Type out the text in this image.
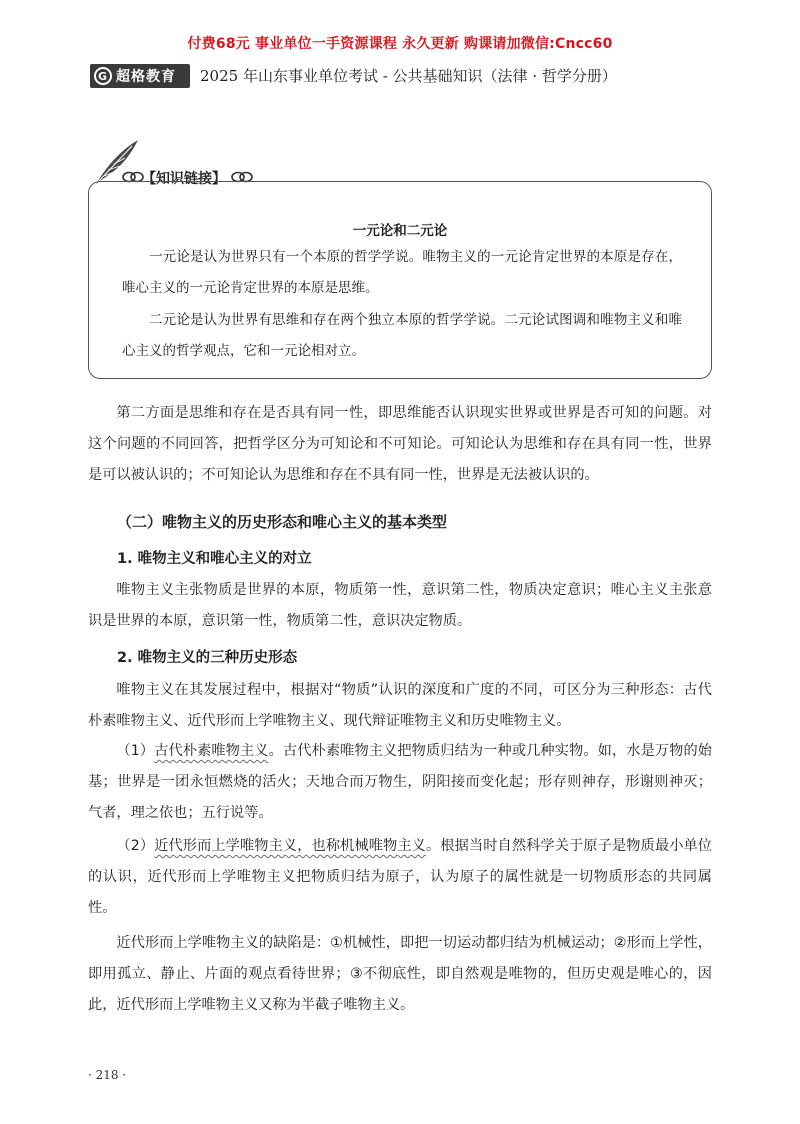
付费68元 事业单位一手资源课程 永久更新 购课请加微信:Cncc60
G 超格教育 2025 年山东事业单位考试 - 公共基础知识（法律 · 哲学分册）
【知识链接】
一元论和二元论

一元论是认为世界只有一个本原的哲学学说。唯物主义的一元论肯定世界的本原是存在，唯心主义的一元论肯定世界的本原是思维。

二元论是认为世界有思维和存在两个独立本原的哲学学说。二元论试图调和唯物主义和唯心主义的哲学观点，它和一元论相对立。

第二方面是思维和存在是否具有同一性，即思维能否认识现实世界或世界是否可知的问题。对这个问题的不同回答，把哲学区分为可知论和不可知论。可知论认为思维和存在具有同一性，世界是可以被认识的；不可知论认为思维和存在不具有同一性，世界是无法被认识的。

（二）唯物主义的历史形态和唯心主义的基本类型
1. 唯物主义和唯心主义的对立

唯物主义主张物质是世界的本原，物质第一性，意识第二性，物质决定意识；唯心主义主张意识是世界的本原，意识第一性，物质第二性，意识决定物质。

2. 唯物主义的三种历史形态

唯物主义在其发展过程中，根据对“物质”认识的深度和广度的不同，可区分为三种形态：古代朴素唯物主义、近代形而上学唯物主义、现代辩证唯物主义和历史唯物主义。

（1）古代朴素唯物主义。古代朴素唯物主义把物质归结为一种或几种实物。如，水是万物的始基；世界是一团永恒燃烧的活火；天地合而万物生，阴阳接而变化起；形存则神存，形谢则神灭；气者，理之依也；五行说等。

（2）近代形而上学唯物主义，也称机械唯物主义。根据当时自然科学关于原子是物质最小单位的认识，近代形而上学唯物主义把物质归结为原子，认为原子的属性就是一切物质形态的共同属性。

近代形而上学唯物主义的缺陷是：①机械性，即把一切运动都归结为机械运动；②形而上学性，即用孤立、静止、片面的观点看待世界；③不彻底性，即自然观是唯物的，但历史观是唯心的，因此，近代形而上学唯物主义又称为半截子唯物主义。

· 218 ·
